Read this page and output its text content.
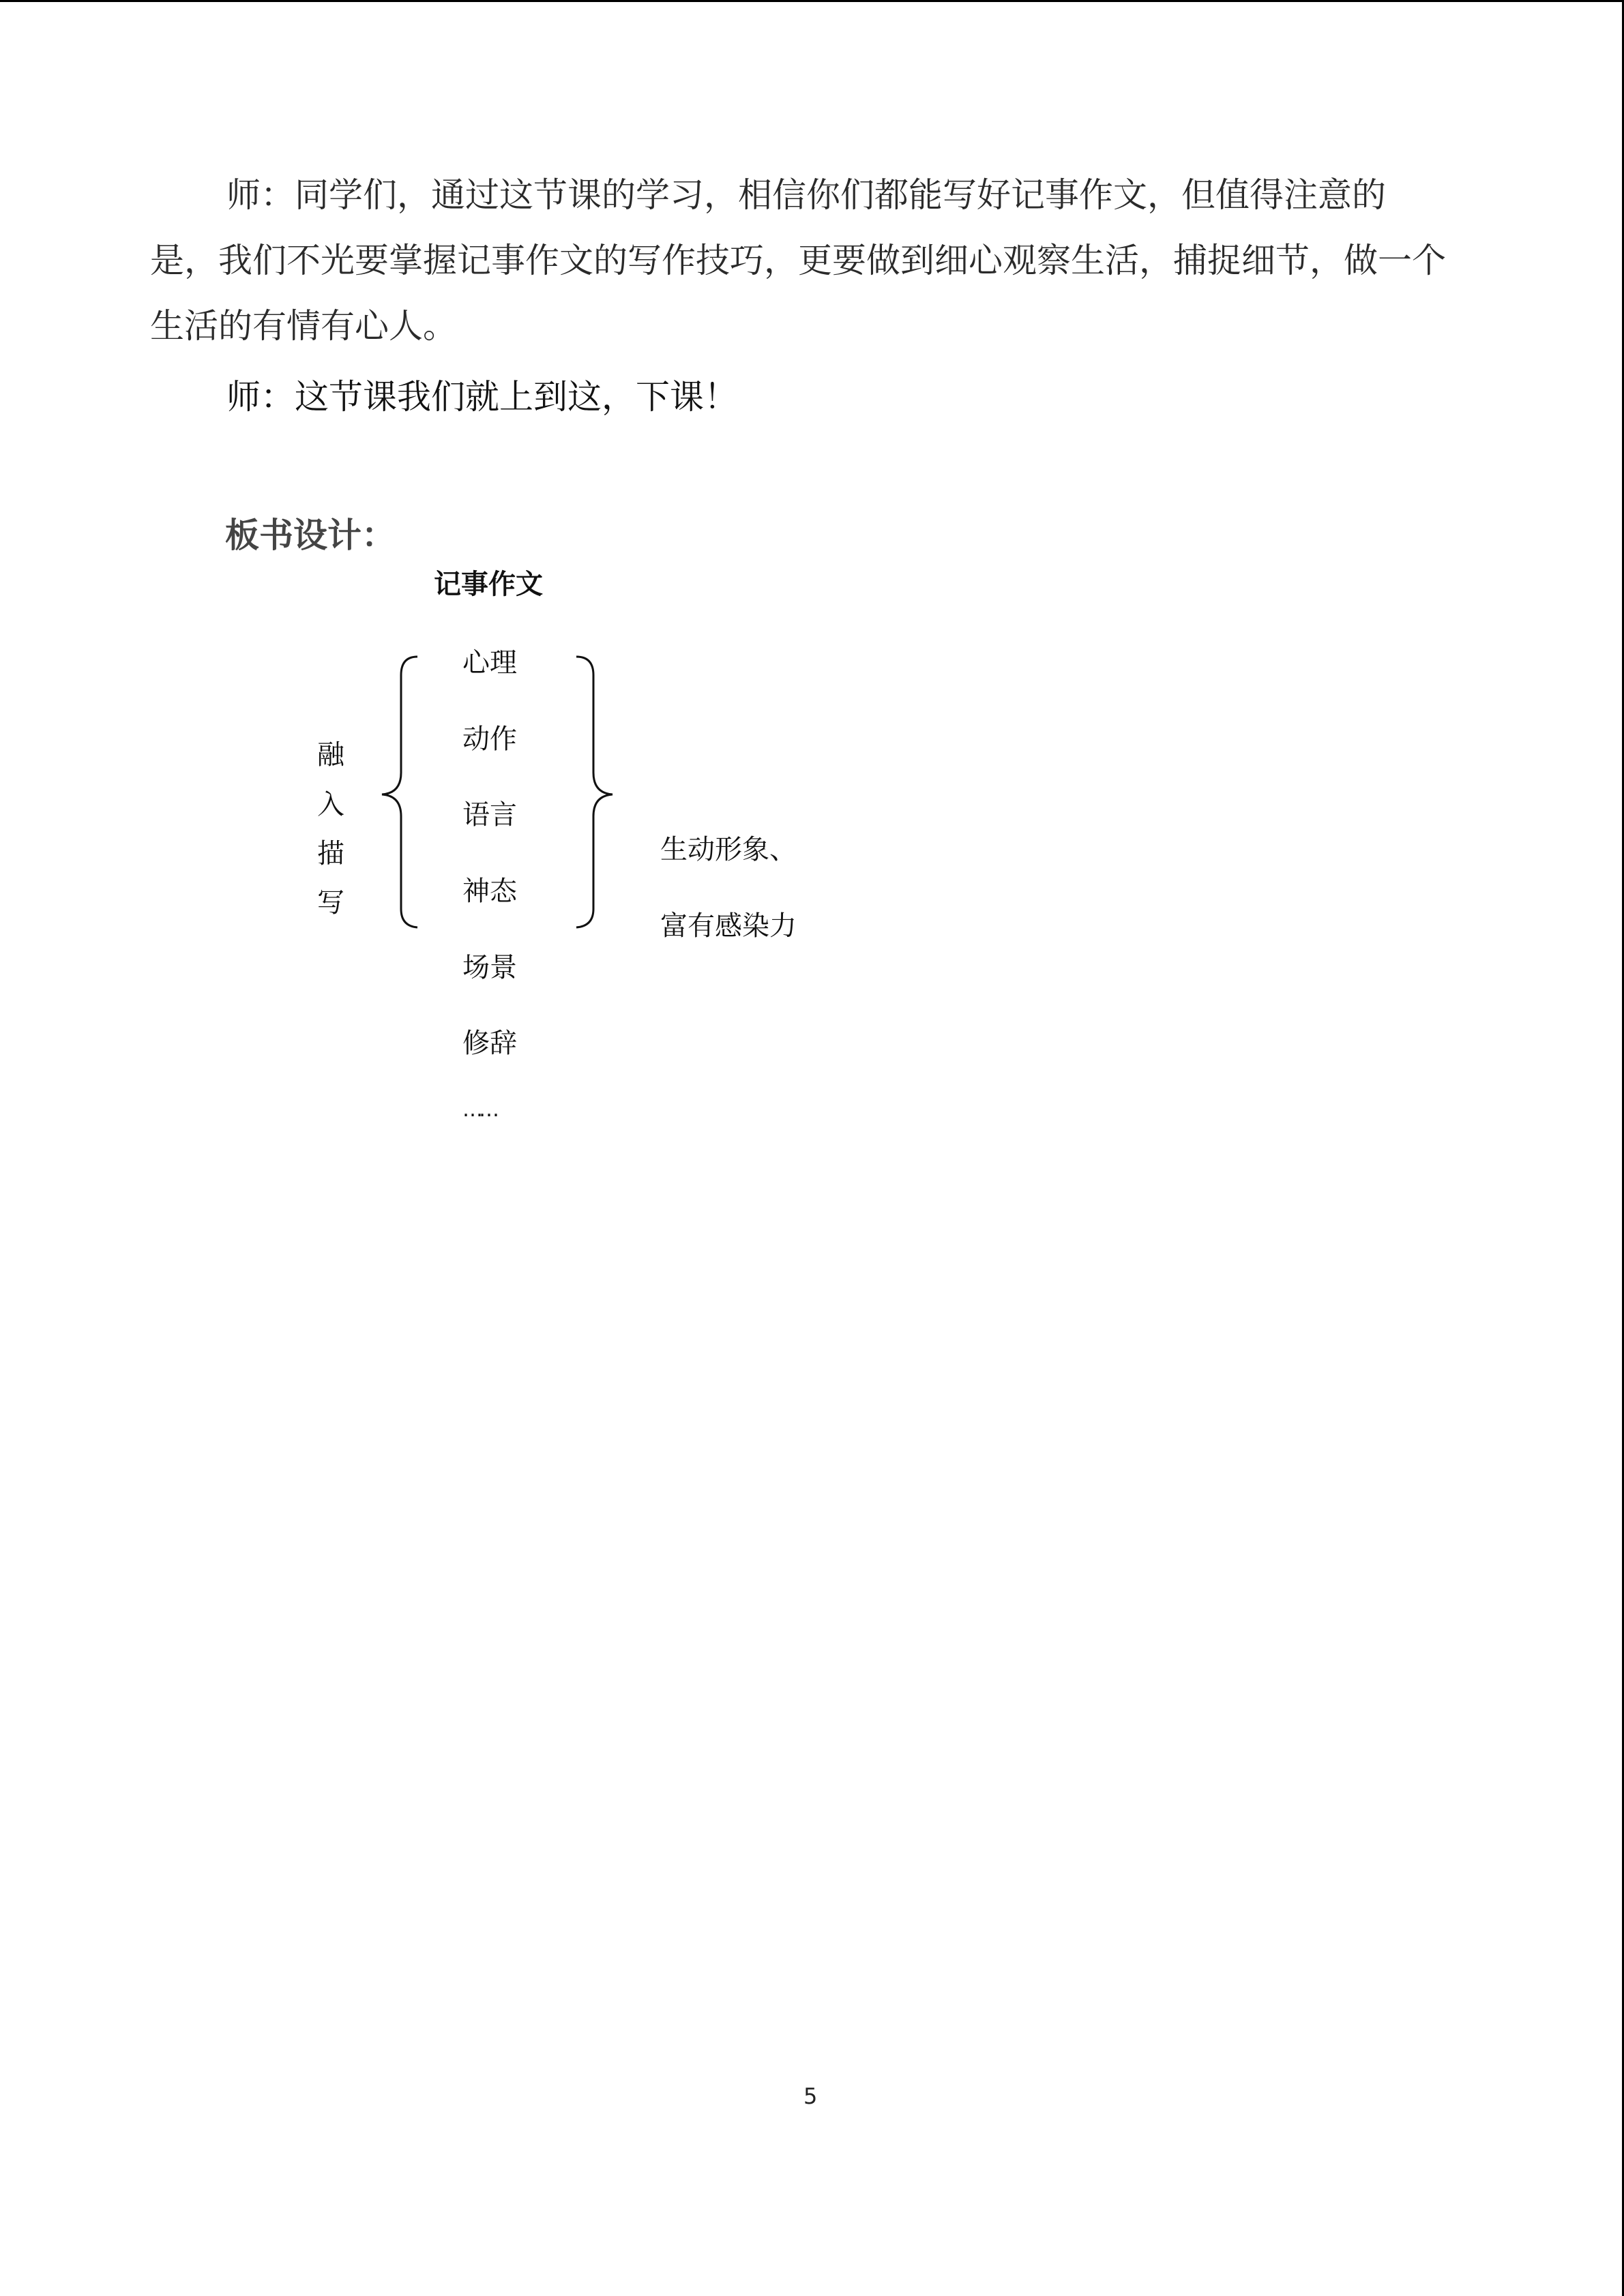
师：同学们，通过这节课的学习，相信你们都能写好记事作文，但值得注意的是，我们不光要掌握记事作文的写作技巧，更要做到细心观察生活，捕捉细节，做一个生活的有情有心人。
师：这节课我们就上到这，下课！
板书设计：
记事作文
融
入
描
写
心理
动作
语言
神态
场景
修辞
……
生动形象、
富有感染力
5
